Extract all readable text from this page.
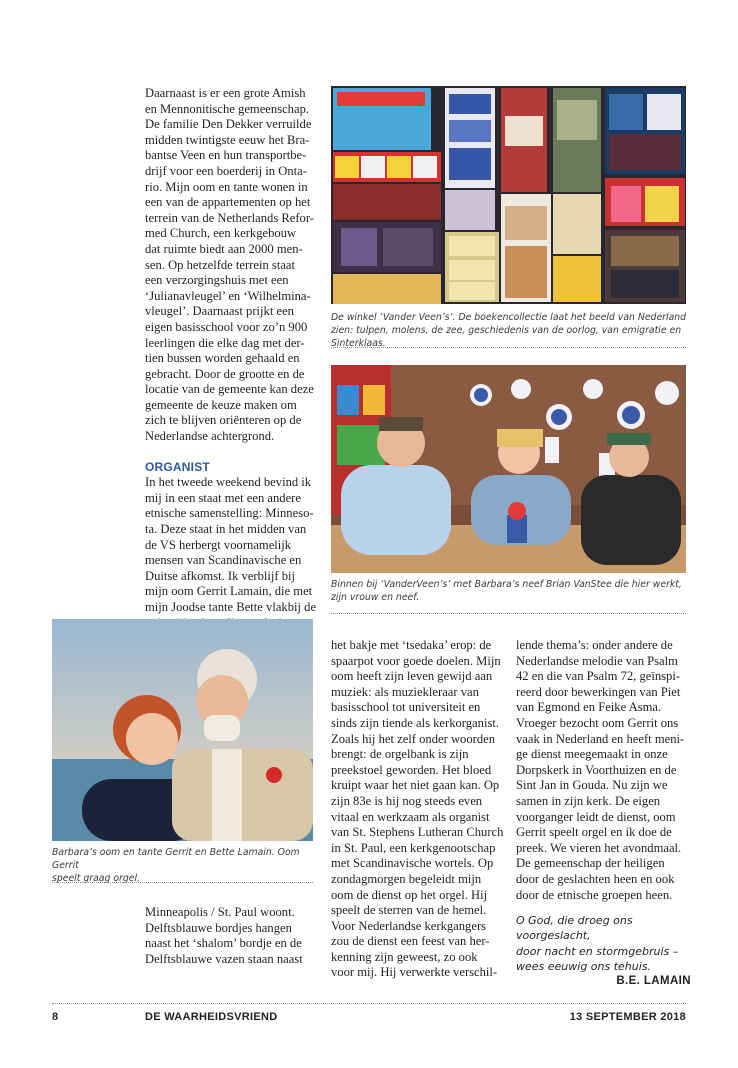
Daarnaast is er een grote Amish

en Mennonitische gemeenschap.

De familie Den Dekker verruilde

midden twintigste eeuw het Bra-

bantse Veen en hun transportbe-

drijf voor een boerderij in Onta-

rio. Mijn oom en tante wonen in

een van de appartementen op het

terrein van de Netherlands Refor-

med Church, een kerkgebouw

dat ruimte biedt aan 2000 men-

sen. Op hetzelfde terrein staat

een verzorgingshuis met een

‘Julianavleugel’ en ‘Wilhelmina-

vleugel’. Daarnaast prijkt een

eigen basisschool voor zo’n 900

leerlingen die elke dag met der-

tien bussen worden gehaald en

gebracht. Door de grootte en de

locatie van de gemeente kan deze

gemeente de keuze maken om

zich te blijven oriënteren op de

Nederlandse achtergrond.

ORGANIST

In het tweede weekend bevind ik

mij in een staat met een andere

etnische samenstelling: Minneso-

ta. Deze staat in het midden van

de VS herbergt voornamelijk

mensen van Scandinavische en

Duitse afkomst. Ik verblijf bij

mijn oom Gerrit Lamain, die met

mijn Joodse tante Bette vlakbij de

De winkel ‘Vander Veen’s’. De boekencollectie laat het beeld van Nederland zien: tulpen, molens, de zee, geschiedenis van de oorlog, van emigratie en Sinterklaas.
Binnen bij ‘VanderVeen’s’ met Barbara’s neef Brian VanStee die hier werkt,
zijn vrouw en neef.
Barbara’s oom en tante Gerrit en Bette Lamain. Oom Gerrit
speelt graag orgel.

Minneapolis / St. Paul woont.

Delftsblauwe bordjes hangen

naast het ‘shalom’ bordje en de

Delftsblauwe vazen staan naast

het bakje met ‘tsedaka’ erop: de

spaarpot voor goede doelen. Mijn

oom heeft zijn leven gewijd aan

muziek: als muziekleraar van

basisschool tot universiteit en

sinds zijn tiende als kerkorganist.

Zoals hij het zelf onder woorden

brengt: de orgelbank is zijn

preekstoel geworden. Het bloed

kruipt waar het niet gaan kan. Op

zijn 83e is hij nog steeds even

vitaal en werkzaam als organist

van St. Stephens Lutheran Church

in St. Paul, een kerkgenootschap

met Scandinavische wortels. Op

zondagmorgen begeleidt mijn

oom de dienst op het orgel. Hij

speelt de sterren van de hemel.

Voor Nederlandse kerkgangers

zou de dienst een feest van her-

kenning zijn geweest, zo ook

voor mij. Hij verwerkte verschil-

lende thema’s: onder andere de

Nederlandse melodie van Psalm

42 en die van Psalm 72, geïnspi-

reerd door bewerkingen van Piet

van Egmond en Feike Asma.

Vroeger bezocht oom Gerrit ons

vaak in Nederland en heeft meni-

ge dienst meegemaakt in onze

Dorpskerk in Voorthuizen en de

Sint Jan in Gouda. Nu zijn we

samen in zijn kerk. De eigen

voorganger leidt de dienst, oom

Gerrit speelt orgel en ik doe de

preek. We vieren het avondmaal.

De gemeenschap der heiligen

door de geslachten heen en ook

door de etnische groepen heen.

O God, die droeg ons voorgeslacht,
door nacht en stormgebruis –
wees eeuwig ons tehuis.
B.E. LAMAIN
8	DE WAARHEIDSVRIEND	13 SEPTEMBER 2018
